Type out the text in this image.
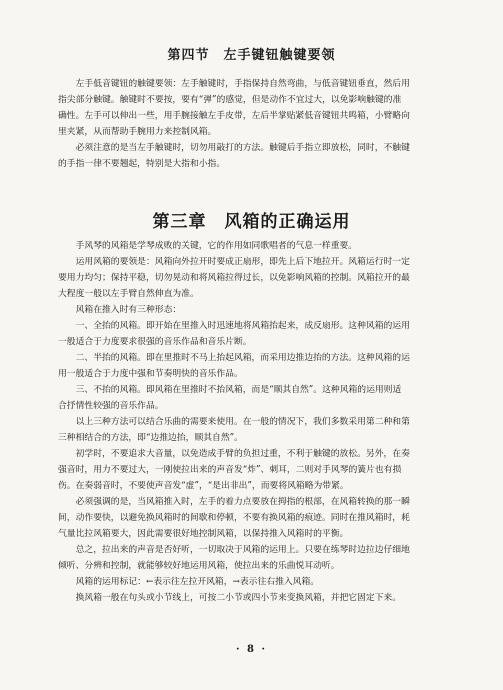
第四节　左手键钮触键要领

左手低音键钮的触键要领：左手触键时，手指保持自然弯曲，与低音键钮垂直，然后用

指尖部分触键。触键时不要按，要有“弹”的感觉，但是动作不宜过大，以免影响触键的准

确性。左手可以伸出一些，用手腕接触左手皮带，左后半掌贴紧低音键钮共鸣箱，小臂略向

里夹紧，从而帮助手腕用力来控制风箱。

必须注意的是当左手触键时，切勿用敲打的方法。触键后手指立即放松，同时，不触键

的手指一律不要翘起，特别是大指和小指。

第三章　风箱的正确运用

手风琴的风箱是学琴成败的关键，它的作用如同歌唱者的气息一样重要。

运用风箱的要领是：风箱向外拉开时要成正扇形，即先上后下地拉开。风箱运行时一定

要用力均匀；保持平稳，切勿晃动和将风箱拉得过长，以免影响风箱的控制。风箱拉开的最

大程度一般以左手臂自然伸直为准。

风箱在推入时有三种形态：

一、全抬的风箱。即开始在里推入时迅速地将风箱抬起来，成反扇形。这种风箱的运用

一般适合于力度要求很强的音乐作品和音乐片断。

二、半抬的风箱。即在里推时不马上抬起风箱，而采用边推边抬的方法。这种风箱的运

用一般适合于力度中强和节奏明快的音乐作品。

三、不抬的风箱。即风箱在里推时不抬风箱，而是“顺其自然”。这种风箱的运用则适

合抒情性较强的音乐作品。

以上三种方法可以结合乐曲的需要来使用。在一般的情况下，我们多数采用第二种和第

三种相结合的方法，即“边推边抬，顺其自然”。

初学时，不要追求大音量，以免造成手臂的负担过重，不利于触键的放松。另外，在奏

强音时，用力不要过大，一刚使拉出来的声音发“炸”、刺耳，二则对手风琴的簧片也有损

伤。在奏弱音时，不要使声音发“虚”，“是出非出”，而要将风箱略为带紧。

必须强调的是，当风箱推入时，左手的着力点要放在拇指的根部，在风箱转换的那一瞬

间，动作要快，以避免换风箱时的间歇和停顿，不要有换风箱的痕迹。同时在推风箱时，耗

气量比拉风箱要大，因此需要很好地控制风箱，以保持推入风箱时的平衡。

总之，拉出来的声音是否好听，一切取决于风箱的运用上。只要在练琴时边拉边仔细地

倾听、分辨和控制，就能够较好地运用风箱，使拉出来的乐曲悦耳动听。

风箱的运用标记：←表示往左拉开风箱，→表示往右推入风箱。

换风箱一般在句头或小节线上，可按二小节或四小节来变换风箱，并把它固定下来。

· 8 ·
